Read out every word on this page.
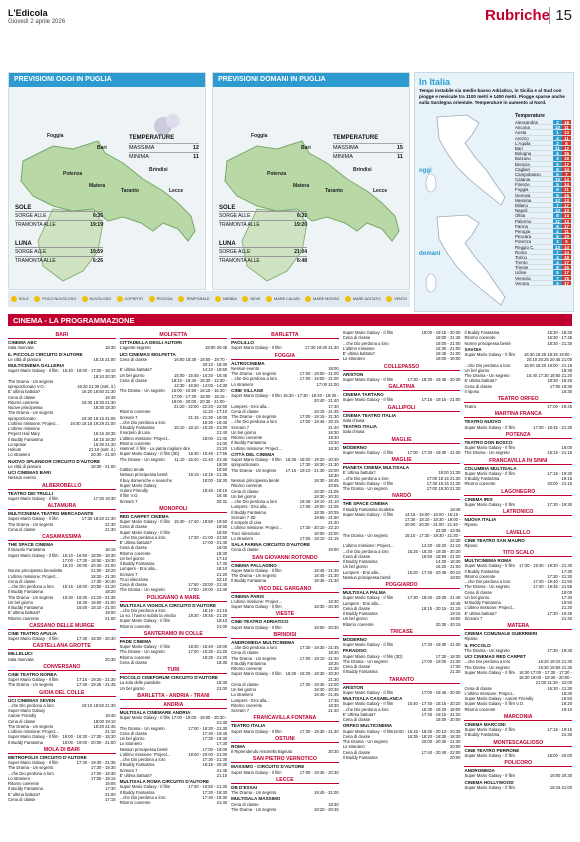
L'Edicola
Giovedì 2 aprile 2026	Rubriche 15
PREVISIONI OGGI IN PUGLIA
Foggia
Bari
Potenza
Brindisi
Matera
Taranto	Lecce
TEMPERATURE
MASSIMA	12
MINIMA	11
SOLE
SORGE ALLE	6:35
TRAMONTA ALLE	19:19
LUNA
SORGE ALLE	19:59
TRAMONTA ALLE	6:26
PREVISIONI DOMANI IN PUGLIA
Foggia
Bari
Potenza
Brindisi
Matera
Taranto	Lecce
TEMPERATURE
MASSIMA	15
MINIMA	11
SOLE
SORGE ALLE	6:33
TRAMONTA ALLE	19:20
LUNA
SORGE ALLE	21:04
TRAMONTA ALLE	6:48
SOLE	POCO NUVOLOSO	NUVOLOSO	COPERTO	PIOGGIA	TEMPORALE	NEBBIA	NEVE	MARE CALMO	MARE MOSSO	MARE AGITATO	VENTO
In Italia
Tempo instabile sia medio-basso Adriatico, in Sicilia e al Sud con piogge e nevicate tra 1100 metri e 1400 metri. Piogge sparse anche sulla Sardegna orientale. Temperature in aumento al Nord.
oggi
domani
Temperature
Alessandria	2	18
Ancona	10 11
Aosta	1	13
Arezzo	4	11
L'Aquila	2	6
Bari	11 12
Bologna	6	15
Bolzano	3	18
Brescia	5	17
Cagliari	9	14
Campobasso	5	7
Catania	10 14
Firenze	5	14
Foggia	9	11
Genova	9	16
Messina	12 13
Milano	7	17
Napoli	10 13
Olbia	8	14
Palermo	11 13
Parma	6	17
Perugia	4	11
Pescara	8	10
Potenza	3	6
Reggio C.	13 14
Roma	7	14
Torino	4	18
Trento	4	17
Trieste	8	15
Udine	5	17
Venezia	7	16
Verona	6	17
CINEMA - LA PROGRAMMAZIONE
BARI
CINEMA ABC
Sala riservata	18:30
IL PICCOLO CIRCUITO D'AUTORE
Le città di pianura	18:15 21:00
MULTICINEMA GALLERIA
Super Mario Galaxy - Il film 15:40 - 18:00 - 17:00 - 18:10
18:10 20:30
The Drama - Un segreto
sproporzionato V.O.	16:20 21:30 (sott. it.)
E' ultima battuta?	16:20 18:50 21:30
Cena di classe	18:45
Ritorno coerente	18:30 18:30 21:30
Nuove principessa	18:30 18:30
The Drama - Un segreto
sproporzionato	16:30 18:15 21:05
L'ultimo missione: Project...	18:40 18:15 19:29 21:00
L'ultimo missione
Project Hail Mary	16:15 18:35
Il Buddy Fantasma	16:15 18:30
La sposa!	16:30 21:30
Hokum	21:10 (sott. it.)
Lo straniero	20:30 - 21:00
NUOVO SPLENDOR CIRCUITO D'AUTORE
Le città di pianura	18:30 - 21:00
UCI CINEMAS BARI
Nessun evento
ALBEROBELLO
TEATRO DEI TRULLI
Super Mario Galaxy - Il film	17:30 19:30
ALTAMURA
MULTICINEMA TEATRO MERCADANTE
Super Mario Galaxy - Il film	17:30 18:20 21:30
The Drama - Un segreto	21:30
Cena di classe	21:30
CASAMASSIMA
THE SPACE CINEMA
Il Diavolo Fantasma	16:15
Super Mario Galaxy - Il film 16:10 - 16:50 - 18:00 - 18:30
17:00 - 17:30 - 18:50 - 19:30
19:10 - 20:00 - 20:30 - 21:00
Nonne principessa benedette	21:00 - 18:20
L'ultimo missione: Project...	18:20 - 21:30
Cena di classe	17:30 - 20:40
...che Dio perdona a loro 15:15 - 18:00 - 20:50 - 21:20
Il Buddy Fantasma	18:20
The Drama - Un segreto 16:30 - 18:30 - 21:10 - 21:35
Un bel giorno	16:30 - 18:50 - 21:00
Il Buddy Fantasma	16:00 - 18:10 - 21:00
E' ultima battuta?	19:00
Ritorno coerente	21:00
CASSANO DELLE MURGE
CINE TEATRO APULIA
Super Mario Galaxy - Il film	17:30 - 18:00 - 20:30
CASTELLANA GROTTE
MILLELUCI
Sala riservata	20:30
CONVERSANO
CINE TEATRO NORBA
Super Mario Galaxy - Il film	17:15 - 19:20 - 21:30
The Drama - Un segreto	17:40 - 19:45 - 21:45
GIOIA DEL COLLE
UCI CINEMAS SEVEN
...che Dio perdona a loro	18:10 18:50 21:30
Super Mario Galaxy
Autore Friendly	18:40
Cena di classe	18:00 19:10
The Drama - Un segreto	18:20 21:45
L'ultimo missione: Project...	21:10
Super Mario Galaxy - Il film 16:00 - 16:30 - 17:30 - 18:30
Il Buddy Fantasma	18:00 - 19:00 - 20:00 - 21:00
MOLA DI BARI
METROPOLIS CIRCUITO D'AUTORE
Super Mario Galaxy - Il film	17:30 - 19:30 - 21:35
The Drama - Un segreto	17:30 - 19:30
...che Dio perdona a loro	17:00 - 18:30
Lo straniero	17:05 - 19:15
Ritorno coerente	19:05
Il Buddy Fantasma	17:30
E' ultima battuta?	21:00
Cena di classe	17:15
MOLFETTA
CITTADELLA DEGLI AUTORI
L'agente segreto	18:00 20:45
UCI CINEMAS MOLFETTA
Cena di classe	16:50 18:30 - 18:50 - 19:70 -
20:10 - 18:30
E' ultima battuta?	14:10 - 19:50
Un bel giorno	15:00 - 15:45 - 16:20 - 18:45
Cena di classe	18:10 - 18:40 - 15:30 - 12:30 -
12:30 - 16:50 - 14:00 - 14:30
The Drama - Un segreto 15:00 - 15:50 - 16:15 - 16:30 -
17:00 - 17:30 - 18:00 - 18:15 -
19:00 - 20:00 - 20:30 - 21:00 -
21:20 - 22:00 - 22:20 - 22:50
Ritorno coerente	11:20 - 17:10
Scream 7	21:15 - 21:30 - 18:00
...che Dio perdona a loro	15:30 - 19:40
Il Buddy Fantasma	18:10 - 18:10 - 18:30 - 21:30
Il sorpelo di Lisa	21:40
L'ultimo missione: Project...	18:00 - 21:40
Ritorno coerente	21:00
Hamnet: il film - La patria migliore dire	21:20
Super Mario Galaxy - Il film (3D) 15:30 - 16:45 - 17:55
The Drama - Un segreto 11:10 - 15:40 - 21:40 - 21:45
18:00
Cattivo tende	19:50
Nessun principessa bentè	16:15 - 16:15 - 21:35
Il buy domeniche e neanche	18:00 - 18:30
Super Mario Galaxy
Autore Friendly	18:45 - 19:15
Il film V.O.	18:45
Scream 7	00:31
MONOPOLI
RED CARPET CINEMA
Super Mario Galaxy - Il film 15:40 - 17:40 - 18:50 - 19:50
Cena di classe	18:50
Super Mario Galaxy - Il film	18:50
...che Dio perdona a loro	17:30 - 21:00 - 21:50
E' ultima battuta?	17:00 - 21:40
Cena di classe	16:00
Ritorno coerente	18:30
Un bel giorno	17:10
Il Buddy Fantasma	17:30
Lumpers - Eroi alla...	18:10
Scream 7	21:20
Truci silenzioso	22:10
Cena di classe	17:50 - 20:00 - 21:40
The Drama - Un segreto	17:50 - 20:00 - 21:40
POLIGNANO A MARE
MULTISALA VIGNOLA CIRCUITO D'AUTORE
...che Dio perdona a loro	18:15 - 21:15
Lo so. l hanno subito la vincita	18:30 - 19:45 - 21:20
Super Mario Galaxy - Il film	18:10
Ritorno coerente	21:00
SANTERAMO IN COLLE
PADE CINEMA
Super Mario Galaxy - Il film	16:30 - 18:40 - 19:00
The Drama - Un segreto	17:00 - 18:30 - 21:20
Ritorno coerente	18:30 - 21:20
Cena di classe	18:30
TURI
PICCOLO CINEFORUM CIRCUITO D'AUTORE
La sola delle parabole	18:30
Un bel giorno	21:00
BARLETTA - ANDRIA - TRANI
ANDRIA
MULTISALA CINEMARE ANDRIA
Super Mario Galaxy - Il film 17:00 - 18:00 - 18:00 - 20:30 -
21:30
The Drama - Un segreto	17:00 - 19:30 - 21:30
Cena di classe	17:30 - 19:45
Un bel giorno	17:30 - 19:30
Lo straniero	17:30
Nessun principessa bentè	17:00 - 19:00
L'ultimo missione: Project...	18:00 - 20:00 - 21:00
...che Dio perdona a loro	17:30 - 21:30
Il Buddy Fantasma	18:15 - 20:30
Scream 7	21:45
E' ultima battuta?	21:10
MULTISALA ROMA CIRCUITO D'AUTORE
Super Mario Galaxy - Il film	17:30 - 19:50 - 21:30
Il Buddy Fantasma	17:30 - 19:30
...che Dio perdona a loro	17:30 - 19:30
Ritorno coerente	21:40
BARLETTA
PAOLILLO
Super Mario Galaxy - Il film	17:30 19:30 21:30
FOGGIA
ALTROCINEMA
Nessun evento	18:00
The Drama - Un segreto	17:00 - 19:00 - 21:00
...che Dio perdona a loro	17:00 - 19:00 - 21:00
Lo straniero	17:00 21:00
CINE VILLAGE
Super Mario Galaxy - Il film 16:30 - 17:30 - 18:20 - 19:30 -
20:40 - 21:40
Lumpers - Eroi alla...	17:30
Cena di classe	18:15 - 21:45
The Drama - Un segreto	17:00 - 19:15 - 21:30
...che Dio perdona a loro	17:00 - 19:45 - 20:15
Scream 7	21:40
Un bel giorno	18:30
Ritorno coerente	18:30
Il Buddy Fantasma	19:30
L'ultimo missione: Project...	18:30
CITTÀ DEL CINEMA
Super Mario Galaxy - Il film 16:30 - 18:00 - 19:20 - 20:40
sproporzionato	17:30 - 18:30 - 21:30
The Drama - Un segreto 17:15 - 19:10 - 21:40 - 22:00
18:30
Nessun principessa bentè	18:30 - 18:45
Ritorno coerente	20:55
Cena di classe	18:30 - 21:05
Un bel giorno	18:30 - 20:30
...che Dio perdona a loro	18:45 - 19:10 - 21:10
Lumpers - Eroi alla...	17:05 - 19:00 - 21:05
Il Buddy Fantasma	18:35 - 20:35
Scream 7 3D	19:55 - 21:50
Il sorpelo di Lisa	21:40
L'ultimo missione: Project...	17:30 - 20:10 - 22:10
Truci silenzioso	18:00 - 22:00
Lo straniero	17:05 - 18:10 - 21:15
SALA FARINA CIRCUITO D'AUTORE
Cena di classe	18:00
SAN GIOVANNI ROTONDO
CINEMA PALLADINO
Super Mario Galaxy - Il film	18:45 - 21:30
The Drama - Un segreto	18:45 - 21:30
Il Buddy Fantasma	18:45 - 21:30
VICO DEL GARGANO
CINEMA PARIS
L'ultimo missione: Project...	18:30
Super Mario Galaxy - Il film	18:30 - 20:30
VIESTE
CINE-TEATRO ADRIATICO
Super Mario Galaxy - Il film	18:00 - 20:30
BRINDISI
ANDROMEDA MULTICINEMA
...che Dio perdona a loro	17:30 - 19:30 - 21:45
Cena di classe	18:30
The Drama - Un segreto	17:00 - 19:10 - 21:40
Il Buddy Fantasma	18:30
Ritorno coerente	21:30
Super Mario Galaxy - Il film 16:30 - 18:30 - 19:30 - 20:30
21:30
Cena di classe	17:30 - 19:45 - 22:00
Un bel giorno	18:30 - 20:30
Lo straniero	18:45 - 21:45
Lumpers - Eroi alla...	17:45
Ritorno coerente	18:30
Scream 7	21:40
FRANCAVILLA FONTANA
TEATRO ITALIA
Super Mario Galaxy - Il film	17:30 - 19:30 - 21:30
OSTUNI
ROMA
Il Riprendendo Antonella Bignuto	20:30
SAN PIETRO VERNOTICO
MASSIMO - CIRCUITO D'AUTORE
Super Mario Galaxy - Il film	17:00 - 19:45 - 20:30
LECCE
DB D'ESSAI
The Drama - Un segreto	19:45 - 21:00
MULTISALA MASSIMO
Cena di classe	18:30
The Drama - Un segreto	18:20 - 20:45
Super Mario Galaxy - Il film	18:00 - 19:15 - 20:30
Cena di classe	18:00 - 21:45
...che Dio perdona a loro	18:00 - 21:00
L'ultimo missione	18:30 - 21:00
E' ultima battuta?	18:45 - 21:00
Lo straniero	18:00 - 19:00
COLLEPASSO
ARISTON
Super Mario Galaxy - Il film	17:30 - 18:30 - 19:45 - 20:30
GALATINA
CINEMA TARTARO
Super Mario Galaxy - Il film	17:15 - 19:15 - 21:00
GALLIPOLI
CINEMA TEATRO ITALIA
Sala chiusa
TEATRO ITALIA
Sala chiusa
MAGLIE
MODERNO
Super Mario Galaxy - Il film	17:00 - 17:30 - 19:30 - 21:30
MAGLIE
PIANETA CINEMA MULTISALA
E' Ultima battuta?	18:00 21:30
...che Dio perdona a loro	17:00 18:15 21:30
Super Mario Galaxy - Il film	17:30 19:15 21:30
The Drama - Un segreto	17:00 19:30 21:30
NARDÒ
THE SPACE CINEMA
Il Buddy Fantasma Scaletta	18:45
Super Mario Galaxy - Il film	14:15 - 15:00 - 16:00 - 16:15 -
17:30 - 18:10 - 18:30 - 19:00 -
20:00 - 20:30 - 21:00 - 21:40 -
22:00 - 23:05
The Drama - Un segreto	15:10 - 17:30 - 19:30 - 21:30 -
22:30
L'ultimo missione: Project...	14:20 - 18:20 - 21:10
...che Dio perdona a loro	15:25 - 18:30 - 19:30 - 20:30
Cena di classe	16:50 - 18:50 - 21:20
Il Buddy Fantasma	14:30 - 18:30
Un bel giorno	16:20 - 21:00
Lumpers - Eroi alla...	15:20 - 17:40 - 20:45 - 00:10
Nessun principessa bentè	18:00
POGGIARDO
MULTISALA PALMA
Super Mario Galaxy - Il film	17:30 - 18:40 - 19:30 - 21:45
Lumpers - Eroi alla...	16:45
Cena di classe	18:15 - 20:15 - 21:15
Il Buddy Fantasma	18:15
Un bel giorno	18:00
Ritorno coerente	20:30 - 20:15
TRICASE
MODERNO
Super Mario Galaxy - Il film	17:30 - 19:30 - 21:30
PARADISO
Super Mario Galaxy - Il film (3D)	17:30 - 19:30
The Drama - Un segreto	17:00 - 19:00 - 21:30
Cena di classe	17:30
Il Buddy Fantasma	21:30
TARANTO
ARISTON
Super Mario Galaxy - Il film	17:00 - 18:45 - 20:30
MULTISALA CASABLANCA
Super Mario Galaxy - Il film	15:40 - 17:40 - 18:15 - 20:20
...che Dio perdona a loro	16:30 - 18:20 - 19:00
E' Ultima battuta?	17:40 - 19:15 - 21:20
Cena di classe	18:00 - 20:00
ORFEO MULTICINEMA
Super Mario Galaxy - Il film 16:00 - 16:15 - 18:25 - 20:10 - 20:35
Cena di classe	16:35 - 18:20 - 18:30 - 18:30
The Drama - Un segreto	20:00 - 20:30 - 21:30
Lo straniero	20:00
Cena di classe	17:40 - 20:40 - 22:00
Il Buddy Fantasma	20:00
Il Buddy Fantasma	15:30 - 18:30
Ritorno coerente	15:30 - 17:45
Nonne principessa bentè	18:30 - 21:30
SAVOIA
Super Mario Galaxy - Il film 16:30 18:25 18:35 19:00 -
20:10 20:25 20:45 21:00
...che Dio perdona a loro	16:00 18:20 19:00 - 21:15
Un bel giorno	18:30
The Drama - Un segreto	16:40 17:30 18:50 21:20
E' ultima battuta?	18:30 - 18:45
Cena di classe	17:00 18:30
Il riposo	18:30
TEATRO ORFEO
Teatro	17:00 - 19:45
MARTINA FRANCA
TEATRO NUOVO
Super Mario Galaxy - Il film	17:00 - 18:45 - 21:30
POTENZA
TEATRO DON BOSCO
Super Mario Galaxy - Il film	18:00
The Drama - Un segreto	18:15 - 21:15
FRANCAVILLA IN SINNI
COLUMBIA MULTISALA
Super Mario Galaxy - Il film	17:15 - 19:30
Il Buddy Fantasma	19:15
Ritorno coerente	20:00 - 21:15
LAGONEGRO
CINEMA IRIS
Super Mario Galaxy - Il film	17:30 - 19:30
LATRONICO
NUOVA ITALIA
Riposo
LAVELLO
CINE TEATRO SAN MAURO
Riposo
TITO SCALO
MULTICINEMA ROMA
Super Mario Galaxy - Il film 17:30 - 19:30 - 19:30 - 21:30
Il Buddy Fantasma	17:30
Ritorno coerente	17:30 - 21:30
...che Dio perdona a loro	17:20 - 19:40 - 21:50
The Drama - Un segreto	17:40 - 19:45 - 21:55
Cena di classe	18:00
Un bel giorno	17:30
M Buddy Fantasma	19:50
L'ultimo missione: Project...	21:30
E' ultima battuta?	17:30 - 19:45
Scream 7	21:40
MATERA
CINEMA COMUNALE GUERRIERI
Riposo
IL PICCOLO
The Drama - Un segreto	17:30 - 19:30
UCI CINEMAS RED CARPET
...che Dio perdona a loro	16:20 18:10 21:30
The Drama - Un segreto	16:30 18:50 21:30
Super Mario Galaxy - Il film 16:30 17:00 - 17:30 - 17:30 -
18:30 19:00 - 19:30 - 20:00 -
21:00 21:30 - 22:00
Cena di classe	16:30 - 21:30
L'ultimo missione: Project...	18:30
Super Mario Galaxy - Autore Friendly	16:50
Super Mario Galaxy - Il film V.O.	18:20
Ritorno coerente	19:10
MARCONIA
CINEMA MARCONI
Super Mario Galaxy - Il film	17:15 - 19:15
Il Buddy Fantasma	21:30
MONTESCAGLIOSO
CINE TEATRO PERRONE
Super Mario Galaxy - Il film	18:00 - 20:00
POLICORO
ANDROMEDA
Super Mario Galaxy - Il film	18:00 20:30
CINEMA HOLLYWOOD
Super Mario Galaxy - Il film	18:15 21:00
